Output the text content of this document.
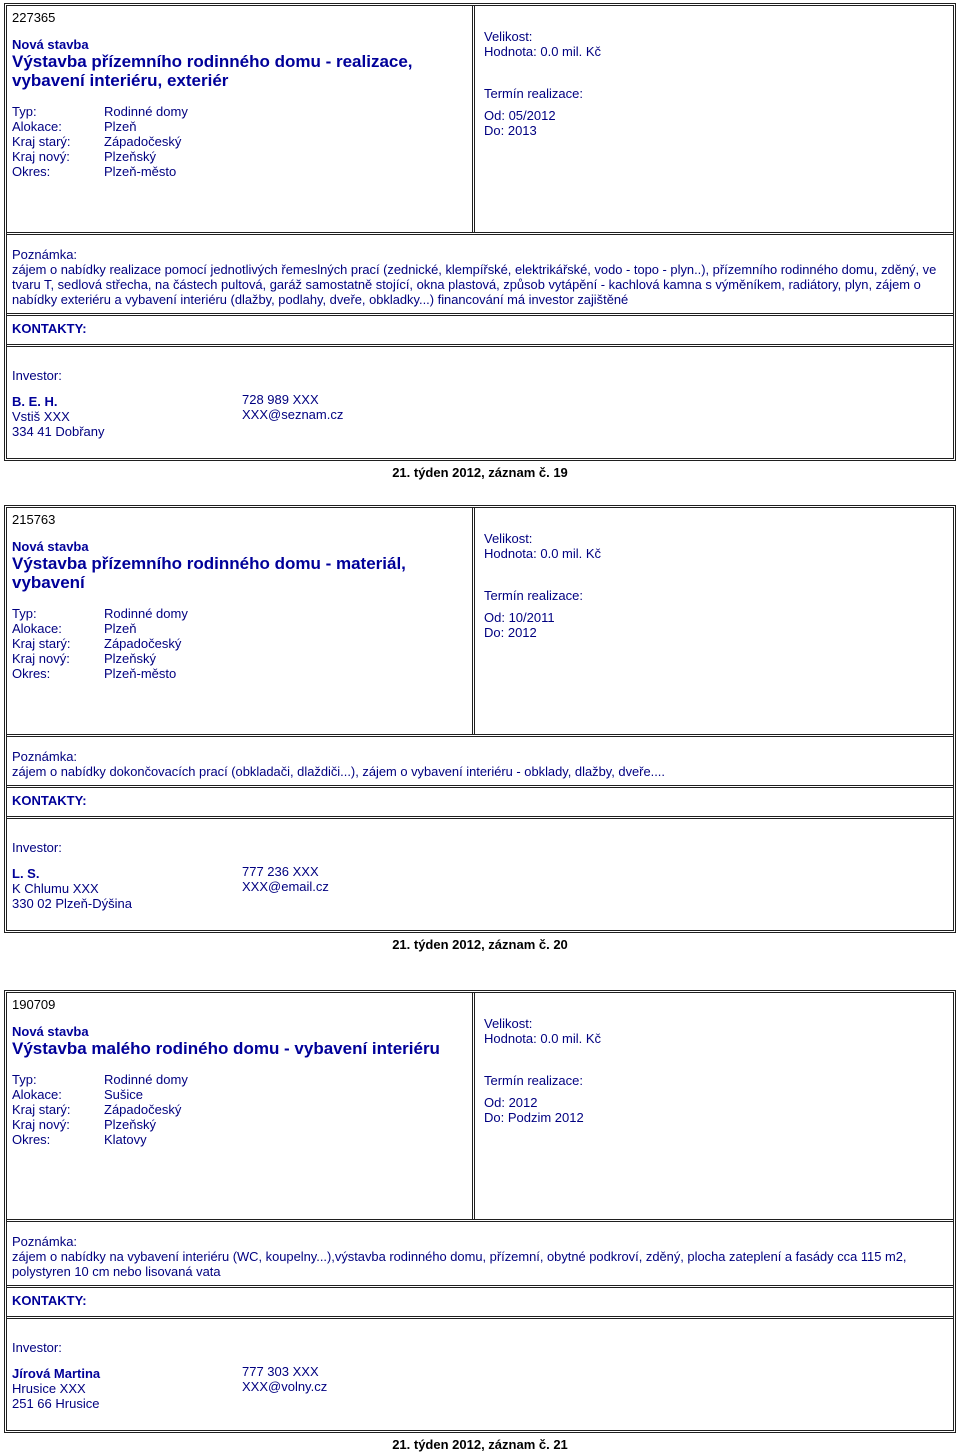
227365
Nová stavba
Výstavba přízemního rodinného domu - realizace, vybavení interiéru, exteriér
Typ:	Rodinné domy
Alokace:	Plzeň
Kraj starý:	Západočeský
Kraj nový:	Plzeňský
Okres:	Plzeň-město
Velikost:
Hodnota: 0.0 mil. Kč
Termín realizace:
Od: 05/2012
Do: 2013
Poznámka:
zájem o nabídky realizace pomocí jednotlivých řemeslných prací (zednické, klempířské, elektrikářské, vodo - topo - plyn..), přízemního rodinného domu, zděný, ve
tvaru T, sedlová střecha, na částech pultová, garáž samostatně stojící, okna plastová, způsob vytápění - kachlová kamna s výměníkem, radiátory, plyn, zájem o
nabídky exteriéru a vybavení interiéru (dlažby, podlahy, dveře, obkladky...) financování má investor zajištěné
KONTAKTY:
Investor:
B. E. H.
Vstiš XXX
334 41 Dobřany
728 989 XXX
XXX@seznam.cz
21. týden 2012, záznam č. 19
215763
Nová stavba
Výstavba přízemního rodinného domu - materiál, vybavení
Typ:	Rodinné domy
Alokace:	Plzeň
Kraj starý:	Západočeský
Kraj nový:	Plzeňský
Okres:	Plzeň-město
Velikost:
Hodnota: 0.0 mil. Kč
Termín realizace:
Od: 10/2011
Do: 2012
Poznámka:
zájem o nabídky dokončovacích prací (obkladači, dlaždiči...), zájem o vybavení interiéru - obklady, dlažby, dveře....
KONTAKTY:
Investor:
L. S.
K Chlumu XXX
330 02 Plzeň-Dýšina
777 236 XXX
XXX@email.cz
21. týden 2012, záznam č. 20
190709
Nová stavba
Výstavba malého rodiného domu - vybavení interiéru
Typ:	Rodinné domy
Alokace:	Sušice
Kraj starý:	Západočeský
Kraj nový:	Plzeňský
Okres:	Klatovy
Velikost:
Hodnota: 0.0 mil. Kč
Termín realizace:
Od: 2012
Do: Podzim 2012
Poznámka:
zájem o nabídky na vybavení interiéru (WC, koupelny...),výstavba rodinného domu, přízemní, obytné podkroví, zděný, plocha zateplení a fasády cca 115 m2,
polystyren 10 cm nebo lisovaná vata
KONTAKTY:
Investor:
Jírová Martina
Hrusice XXX
251 66 Hrusice
777 303 XXX
XXX@volny.cz
21. týden 2012, záznam č. 21
